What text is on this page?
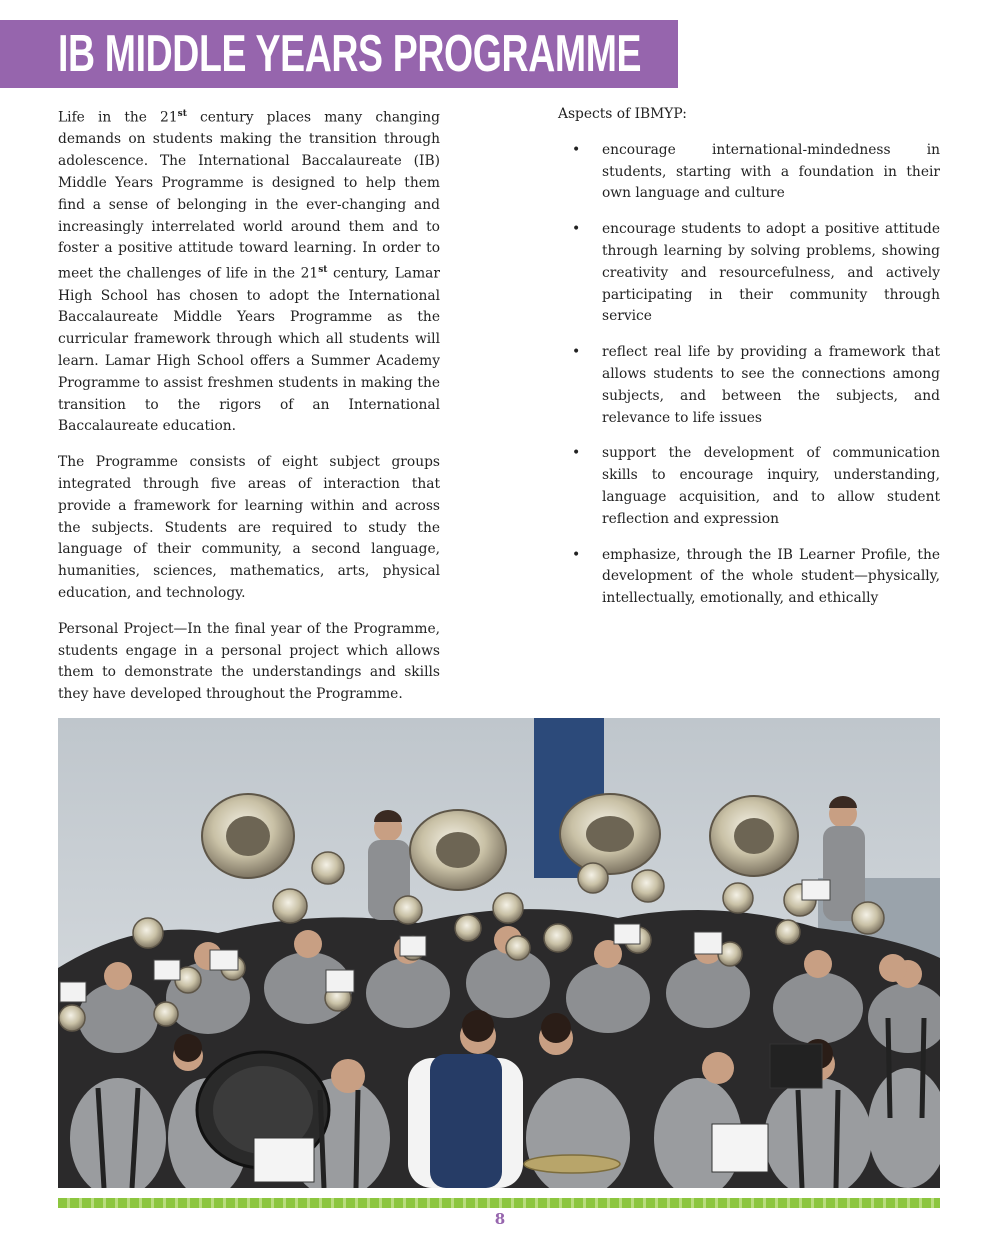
IB MIDDLE YEARS PROGRAMME

Life in the 21st century places many changing demands on students making the transition through adolescence. The International Baccalaureate (IB) Middle Years Programme is designed to help them find a sense of belonging in the ever-changing and increasingly interrelated world around them and to foster a positive attitude toward learning. In order to meet the challenges of life in the 21st century, Lamar High School has chosen to adopt the International Baccalaureate Middle Years Programme as the curricular framework through which all students will learn. Lamar High School offers a Summer Academy Programme to assist freshmen students in making the transition to the rigors of an International Baccalaureate education.

The Programme consists of eight subject groups integrated through five areas of interaction that provide a framework for learning within and across the subjects. Students are required to study the language of their community, a second language, humanities, sciences, mathematics, arts, physical education, and technology.

Personal Project—In the final year of the Programme, students engage in a personal project which allows them to demonstrate the understandings and skills they have developed throughout the Programme.

Aspects of IBMYP:

• encourage international-mindedness in students, starting with a foundation in their own language and culture
• encourage students to adopt a positive attitude through learning by solving problems, showing creativity and resourcefulness, and actively participating in their community through service
• reflect real life by providing a framework that allows students to see the connections among subjects, and between the subjects, and relevance to life issues
• support the development of communication skills to encourage inquiry, understanding, language acquisition, and to allow student reflection and expression
• emphasize, through the IB Learner Profile, the development of the whole student—physically, intellectually, emotionally, and ethically
8
